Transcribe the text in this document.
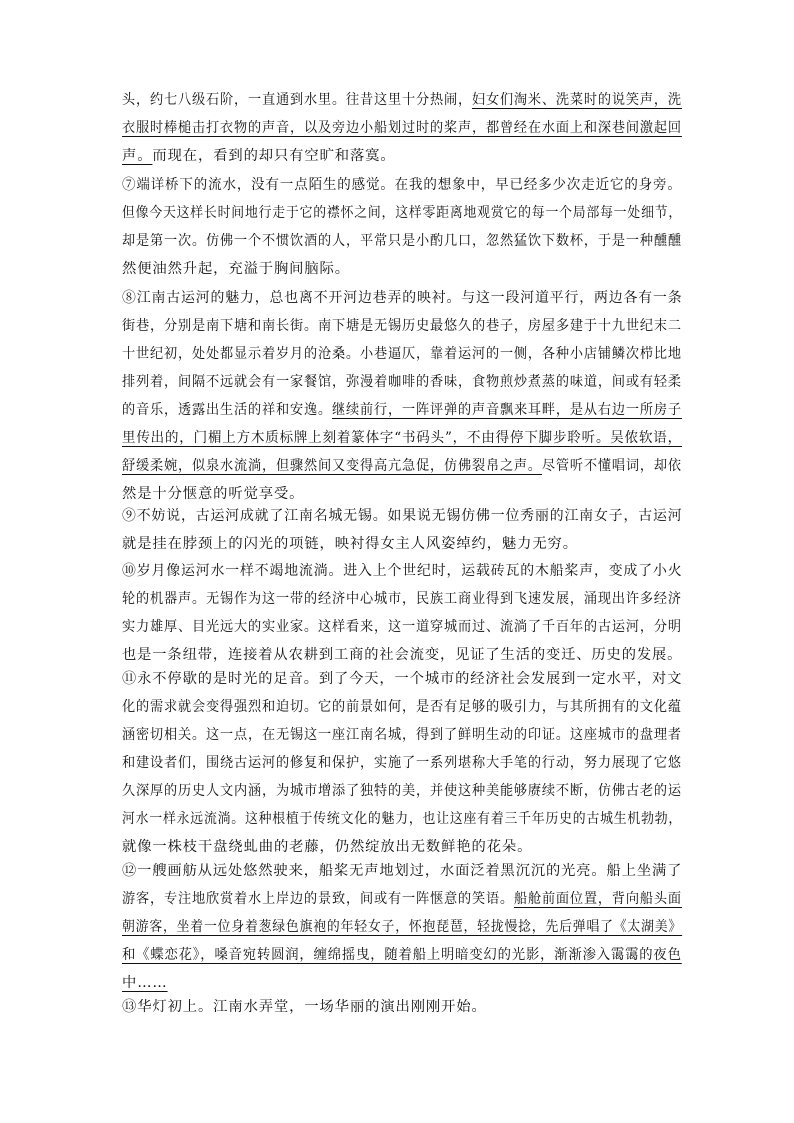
头，约七八级石阶，一直通到水里。往昔这里十分热闹，妇女们淘米、洗菜时的说笑声，洗
衣服时棒槌击打衣物的声音，以及旁边小船划过时的桨声，都曾经在水面上和深巷间激起回
声。而现在，看到的却只有空旷和落寞。
⑦端详桥下的流水，没有一点陌生的感觉。在我的想象中，早已经多少次走近它的身旁。
但像今天这样长时间地行走于它的襟怀之间，这样零距离地观赏它的每一个局部每一处细节，
却是第一次。仿佛一个不惯饮酒的人，平常只是小酌几口，忽然猛饮下数杯，于是一种醺醺
然便油然升起，充溢于胸间脑际。
⑧江南古运河的魅力，总也离不开河边巷弄的映衬。与这一段河道平行，两边各有一条
街巷，分别是南下塘和南长街。南下塘是无锡历史最悠久的巷子，房屋多建于十九世纪末二
十世纪初，处处都显示着岁月的沧桑。小巷逼仄，靠着运河的一侧，各种小店铺鳞次栉比地
排列着，间隔不远就会有一家餐馆，弥漫着咖啡的香味，食物煎炒煮蒸的味道，间或有轻柔
的音乐，透露出生活的祥和安逸。继续前行，一阵评弹的声音飘来耳畔，是从右边一所房子
里传出的，门楣上方木质标牌上刻着篆体字“书码头”，不由得停下脚步聆听。吴侬软语，
舒缓柔婉，似泉水流淌，但骤然间又变得高亢急促，仿佛裂帛之声。尽管听不懂唱词，却依
然是十分惬意的听觉享受。
⑨不妨说，古运河成就了江南名城无锡。如果说无锡仿佛一位秀丽的江南女子，古运河
就是挂在脖颈上的闪光的项链，映衬得女主人风姿绰约，魅力无穷。
⑩岁月像运河水一样不竭地流淌。进入上个世纪时，运载砖瓦的木船桨声，变成了小火
轮的机器声。无锡作为这一带的经济中心城市，民族工商业得到飞速发展，涌现出许多经济
实力雄厚、目光远大的实业家。这样看来，这一道穿城而过、流淌了千百年的古运河，分明
也是一条纽带，连接着从农耕到工商的社会流变，见证了生活的变迁、历史的发展。
⑪永不停歇的是时光的足音。到了今天，一个城市的经济社会发展到一定水平，对文
化的需求就会变得强烈和迫切。它的前景如何，是否有足够的吸引力，与其所拥有的文化蕴
涵密切相关。这一点，在无锡这一座江南名城，得到了鲜明生动的印证。这座城市的盘理者
和建设者们，围绕古运河的修复和保护，实施了一系列堪称大手笔的行动，努力展现了它悠
久深厚的历史人文内涵，为城市增添了独特的美，并使这种美能够赓续不断，仿佛古老的运
河水一样永远流淌。这种根植于传统文化的魅力，也让这座有着三千年历史的古城生机勃勃，
就像一株枝干盘绕虬曲的老藤，仍然绽放出无数鲜艳的花朵。
⑫一艘画舫从远处悠然驶来，船桨无声地划过，水面泛着黑沉沉的光亮。船上坐满了
游客，专注地欣赏着水上岸边的景致，间或有一阵惬意的笑语。船舱前面位置，背向船头面
朝游客，坐着一位身着葱绿色旗袍的年轻女子，怀抱琵琶，轻拢慢捻，先后弹唱了《太湖美》
和《蝶恋花》，嗓音宛转圆润，缠绵摇曳，随着船上明暗变幻的光影，渐渐渗入霭霭的夜色
中……
⑬华灯初上。江南水弄堂，一场华丽的演出刚刚开始。
